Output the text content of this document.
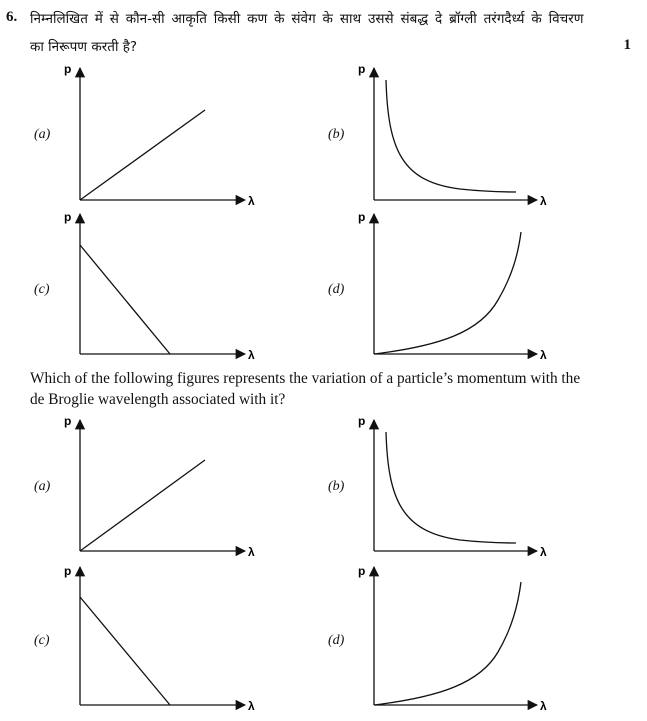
6. निम्नलिखित में से कौन-सी आकृति किसी कण के संवेग के साथ उससे संबद्ध दे ब्रॉग्ली तरंगदैर्ध्य के विचरण
का निरूपण करती है?	1
Which of the following figures represents the variation of a particle’s momentum with the
de Broglie wavelength associated with it?
(a)	(b)
(c)	(d)
(a)	(b)
(c)	(d)
p
λ
p
λ
p
λ
p
λ
p
λ
p
λ
p
λ
p
λ
